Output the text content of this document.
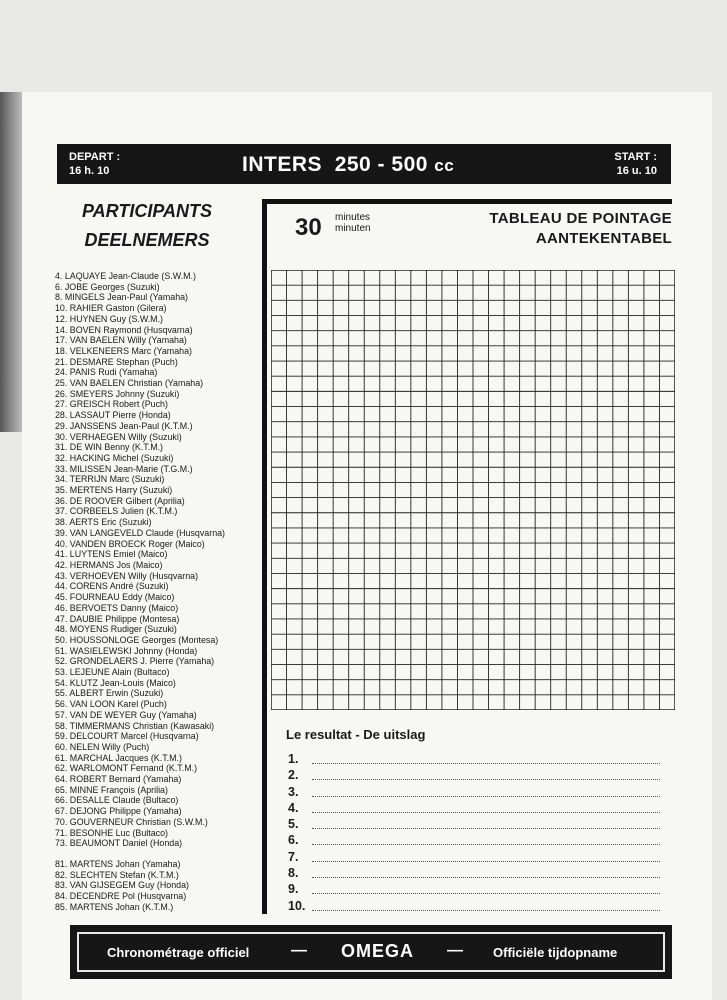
DEPART :
16 h. 10	INTERS 250 - 500 cc	START :
16 u. 10
PARTICIPANTS
DEELNEMERS
4. LAQUAYE Jean-Claude (S.W.M.)
6. JOBE Georges (Suzuki)
8. MINGELS Jean-Paul (Yamaha)
10. RAHIER Gaston (Gilera)
12. HUYNEN Guy (S.W.M.)
14. BOVEN Raymond (Husqvarna)
17. VAN BAELEN Willy (Yamaha)
18. VELKENEERS Marc (Yamaha)
21. DESMARE Stephan (Puch)
24. PANIS Rudi (Yamaha)
25. VAN BAELEN Christian (Yamaha)
26. SMEYERS Johnny (Suzuki)
27. GREISCH Robert (Puch)
28. LASSAUT Pierre (Honda)
29. JANSSENS Jean-Paul (K.T.M.)
30. VERHAEGEN Willy (Suzuki)
31. DE WIN Benny (K.T.M.)
32. HACKING Michel (Suzuki)
33. MILISSEN Jean-Marie (T.G.M.)
34. TERRIJN Marc (Suzuki)
35. MERTENS Harry (Suzuki)
36. DE ROOVER Gilbert (Aprilia)
37. CORBEELS Julien (K.T.M.)
38. AERTS Eric (Suzuki)
39. VAN LANGEVELD Claude (Husqvarna)
40. VANDEN BROECK Roger (Maico)
41. LUYTENS Emiel (Maico)
42. HERMANS Jos (Maico)
43. VERHOEVEN Willy (Husqvarna)
44. CORENS André (Suzuki)
45. FOURNEAU Eddy (Maico)
46. BERVOETS Danny (Maico)
47. DAUBIE Philippe (Montesa)
48. MOYENS Rudiger (Suzuki)
50. HOUSSONLOGE Georges (Montesa)
51. WASIELEWSKI Johnny (Honda)
52. GRONDELAERS J. Pierre (Yamaha)
53. LEJEUNE Alain (Bultaco)
54. KLUTZ Jean-Louis (Maico)
55. ALBERT Erwin (Suzuki)
56. VAN LOON Karel (Puch)
57. VAN DE WEYER Guy (Yamaha)
58. TIMMERMANS Christian (Kawasaki)
59. DELCOURT Marcel (Husqvarna)
60. NELEN Willy (Puch)
61. MARCHAL Jacques (K.T.M.)
62. WARLOMONT Fernand (K.T.M.)
64. ROBERT Bernard (Yamaha)
65. MINNE François (Aprilia)
66. DESALLE Claude (Bultaco)
67. DEJONG Philippe (Yamaha)
70. GOUVERNEUR Christian (S.W.M.)
71. BESONHE Luc (Bultaco)
73. BEAUMONT Daniel (Honda)
81. MARTENS Johan (Yamaha)
82. SLECHTEN Stefan (K.T.M.)
83. VAN GIJSEGEM Guy (Honda)
84. DECENDRE Pol (Husqvarna)
85. MARTENS Johan (K.T.M.)
30 minutes
minuten
TABLEAU DE POINTAGE
AANTEKENTABEL
Le resultat - De uitslag
1.
2.
3.
4.
5.
6.
7.
8.
9.
10.
Chronométrage officiel	— OMEGA — Officiële tijdopname
